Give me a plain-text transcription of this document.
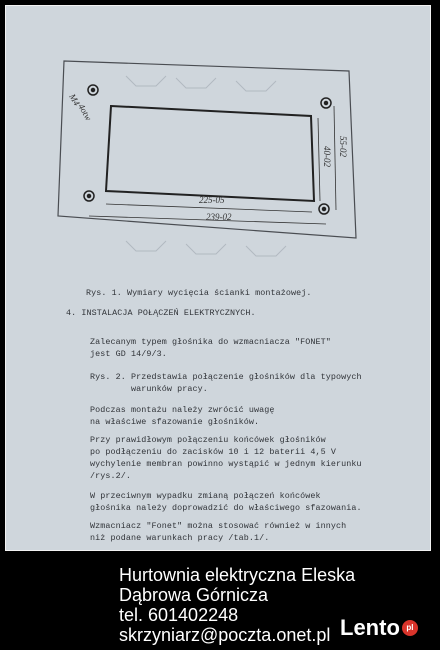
M4
4otw
225-05
239-02
40-02 55-02

Rys. 1. Wymiary wycięcia ścianki montażowej.

4. INSTALACJA POŁĄCZEŃ ELEKTRYCZNYCH.

Zalecanym typem głośnika do wzmacniacza "FONET"
jest GD 14/9/3.

Rys. 2. Przedstawia połączenie głośników dla typowych
warunków pracy.

Podczas montażu należy zwrócić uwagę
na właściwe sfazowanie głośników.

Przy prawidłowym połączeniu końcówek głośników
po podłączeniu do zacisków 10 i 12 baterii 4,5 V
wychylenie membran powinno wystąpić w jednym kierunku
/rys.2/.

W przeciwnym wypadku zmianą połączeń końcówek
głośnika należy doprowadzić do właściwego sfazowania.

Wzmacniacz "Fonet" można stosować również w innych
niż podane warunkach pracy /tab.1/.

Hurtownia elektryczna Eleska
Dąbrowa Górnicza
tel. 601402248
skrzyniarz@poczta.onet.pl Lento pl
